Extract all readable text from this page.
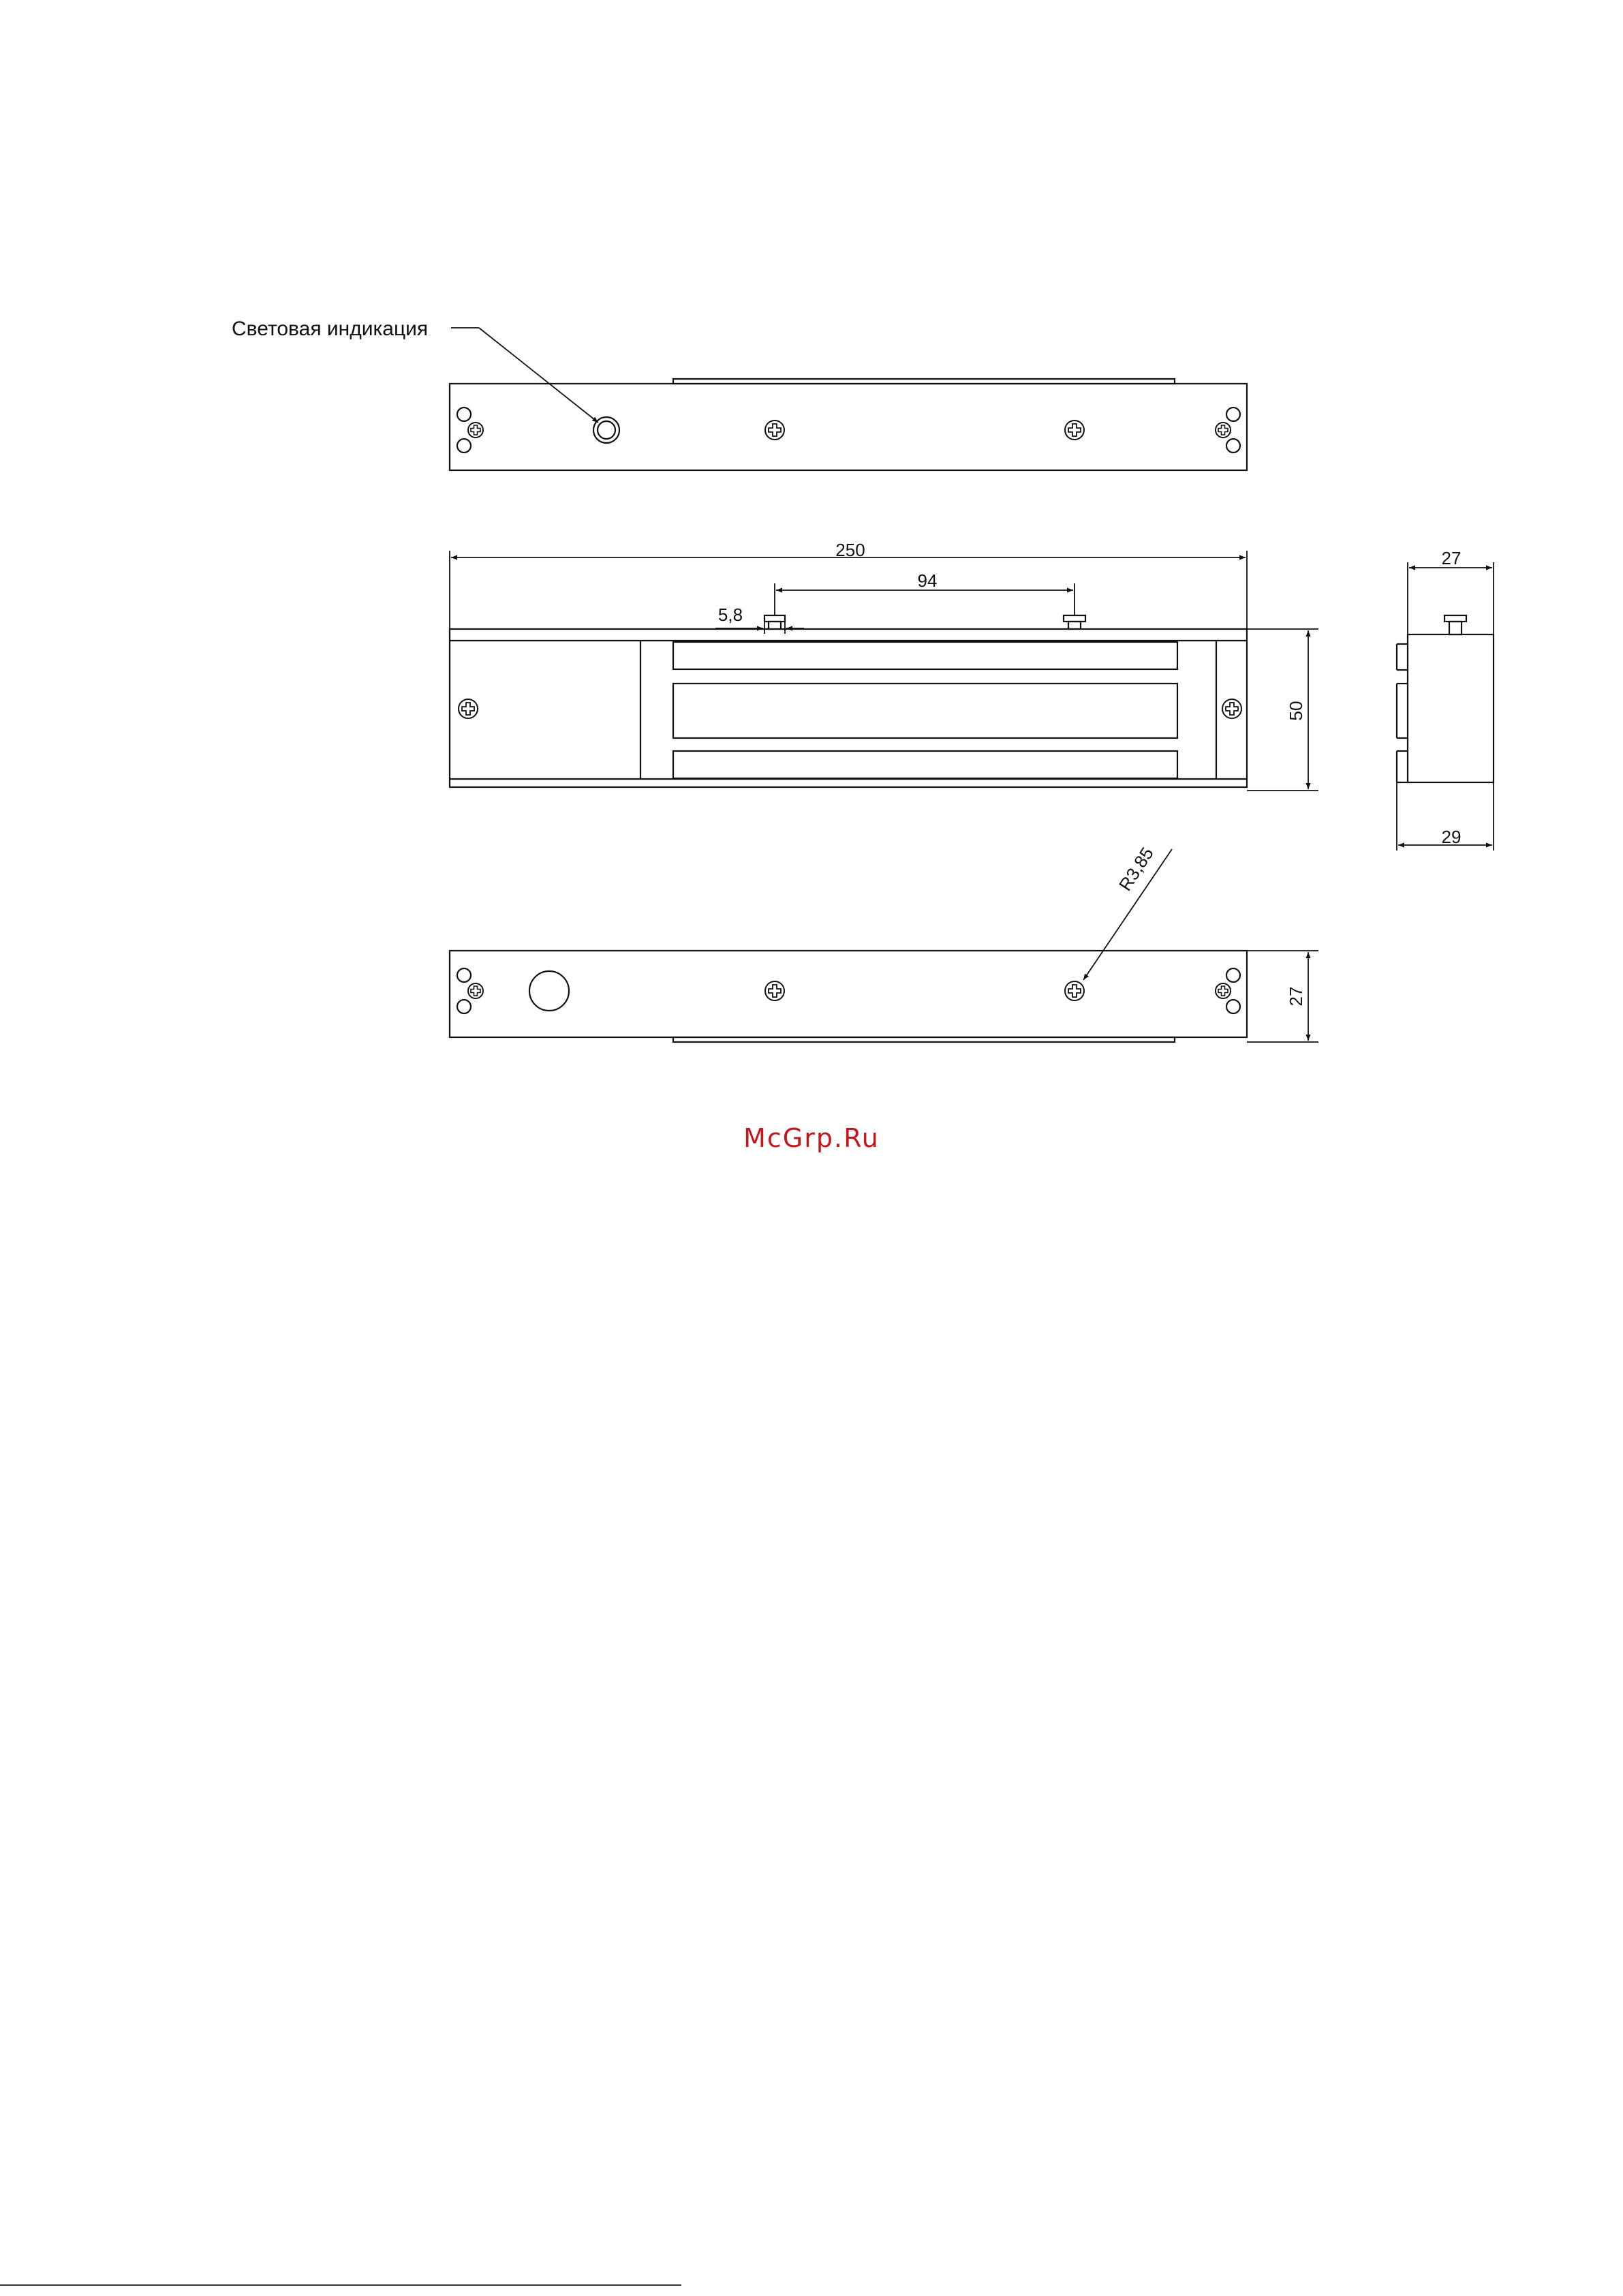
Световая индикация
250
94
5,8
50
27
29
R3,85
27
McGrp.Ru
